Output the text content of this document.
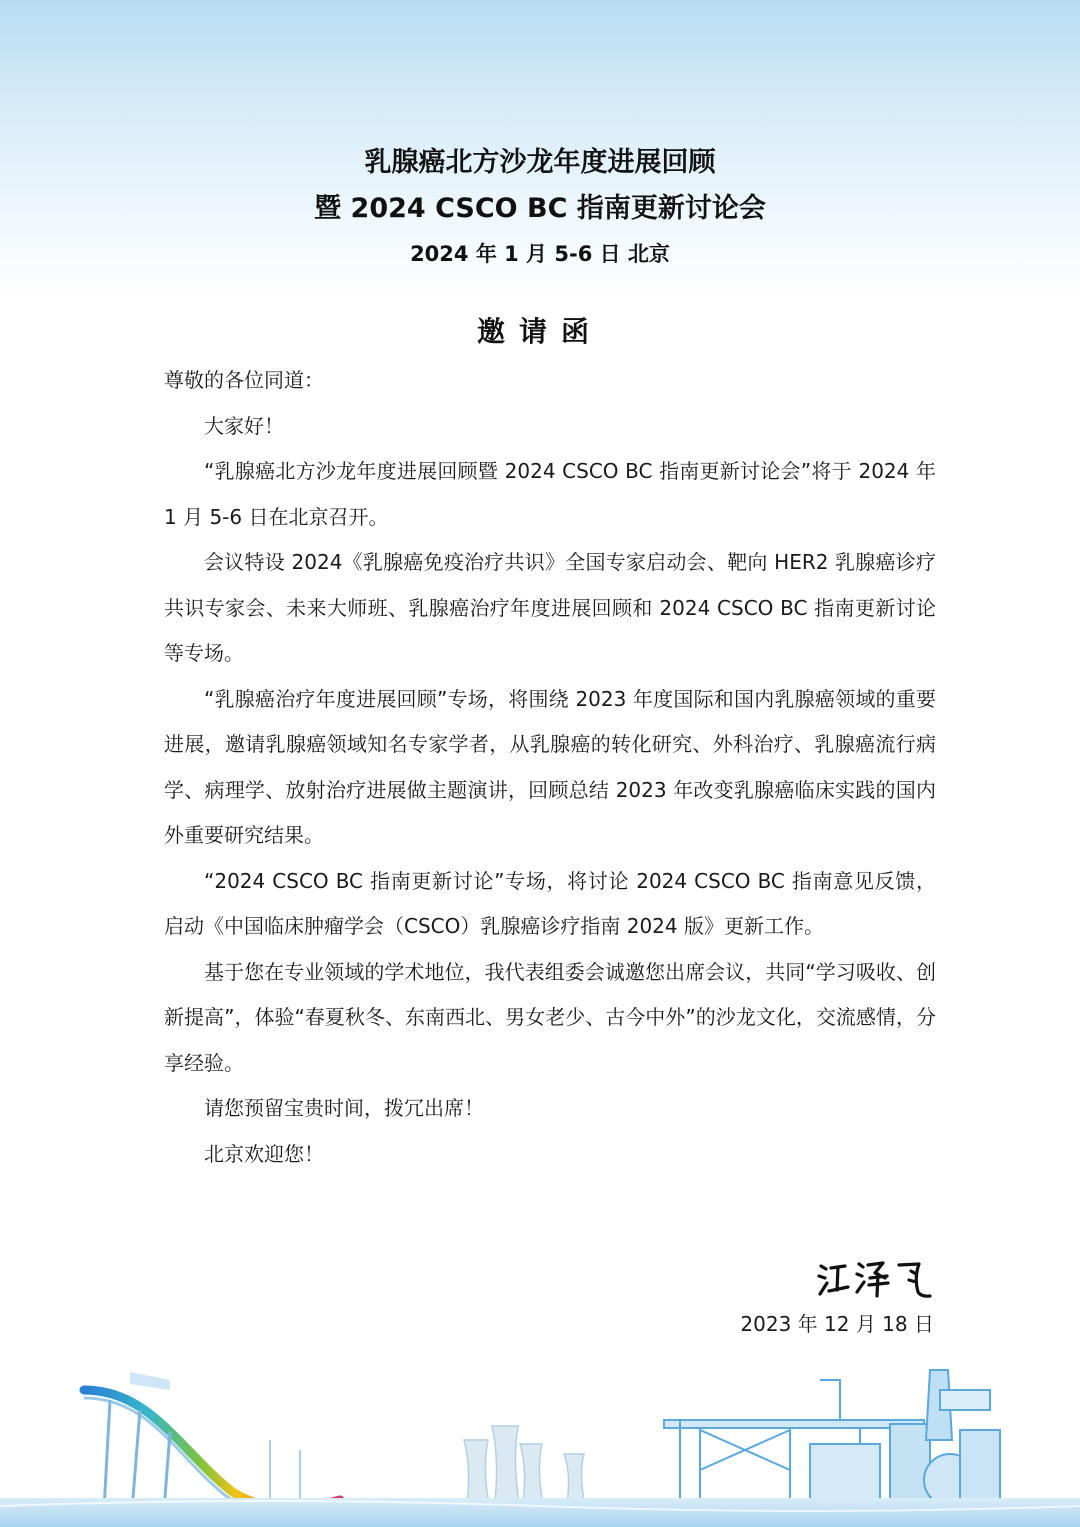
乳腺癌北方沙龙年度进展回顾
暨 2024 CSCO BC 指南更新讨论会
2024 年 1 月 5-6 日 北京
邀请函

尊敬的各位同道：

大家好！

“乳腺癌北方沙龙年度进展回顾暨 2024 CSCO BC 指南更新讨论会”将于 2024 年 1 月 5-6 日在北京召开。

会议特设 2024《乳腺癌免疫治疗共识》全国专家启动会、靶向 HER2 乳腺癌诊疗共识专家会、未来大师班、乳腺癌治疗年度进展回顾和 2024 CSCO BC 指南更新讨论等专场。

“乳腺癌治疗年度进展回顾”专场，将围绕 2023 年度国际和国内乳腺癌领域的重要进展，邀请乳腺癌领域知名专家学者，从乳腺癌的转化研究、外科治疗、乳腺癌流行病学、病理学、放射治疗进展做主题演讲，回顾总结 2023 年改变乳腺癌临床实践的国内外重要研究结果。

“2024 CSCO BC 指南更新讨论”专场，将讨论 2024 CSCO BC 指南意见反馈，启动《中国临床肿瘤学会（CSCO）乳腺癌诊疗指南 2024 版》更新工作。

基于您在专业领域的学术地位，我代表组委会诚邀您出席会议，共同“学习吸收、创新提高”，体验“春夏秋冬、东南西北、男女老少、古今中外”的沙龙文化，交流感情，分享经验。

请您预留宝贵时间，拨冗出席！

北京欢迎您！

2023 年 12 月 18 日
